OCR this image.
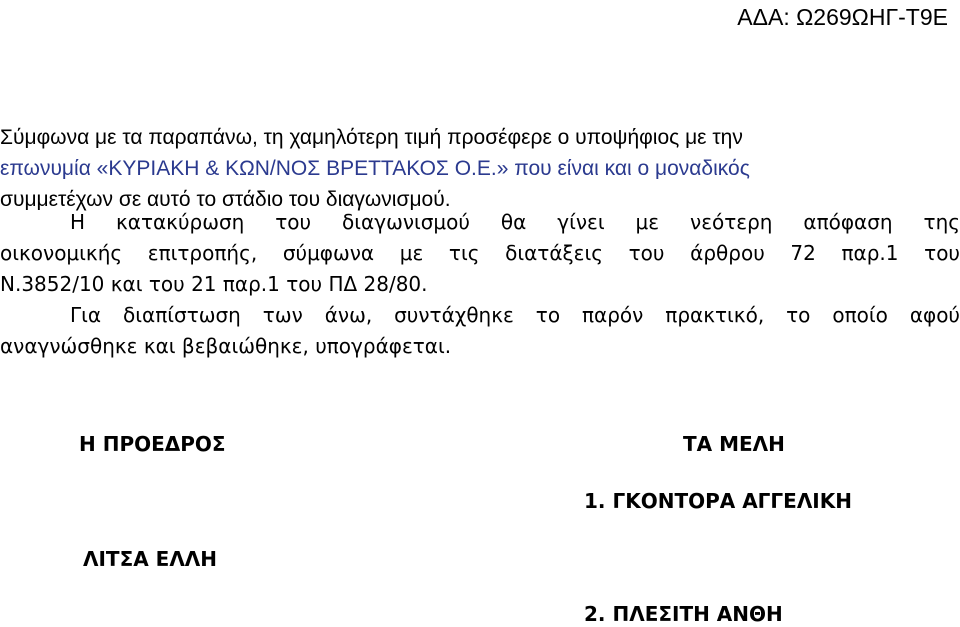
ΑΔΑ: Ω269ΩΗΓ-Τ9Ε
Σύμφωνα με τα παραπάνω, τη χαμηλότερη τιμή προσέφερε ο υποψήφιος με την
επωνυμία «ΚΥΡΙΑΚΗ & ΚΩΝ/ΝΟΣ ΒΡΕΤΤΑΚΟΣ Ο.Ε.» που είναι και ο μοναδικός
συμμετέχων σε αυτό το στάδιο του διαγωνισμού.
Η κατακύρωση του διαγωνισμού θα γίνει με νεότερη απόφαση της
οικονομικής επιτροπής, σύμφωνα με τις διατάξεις του άρθρου 72 παρ.1 του
Ν.3852/10 και του 21 παρ.1 του ΠΔ 28/80.
Για διαπίστωση των άνω, συντάχθηκε το παρόν πρακτικό, το οποίο αφού
αναγνώσθηκε και βεβαιώθηκε, υπογράφεται.
Η ΠΡΟΕΔΡΟΣ
ΛΙΤΣΑ ΕΛΛΗ
ΤΑ ΜΕΛΗ
1. ΓΚΟΝΤΟΡΑ ΑΓΓΕΛΙΚΗ
2. ΠΛΕΣΙΤΗ ΑΝΘΗ
